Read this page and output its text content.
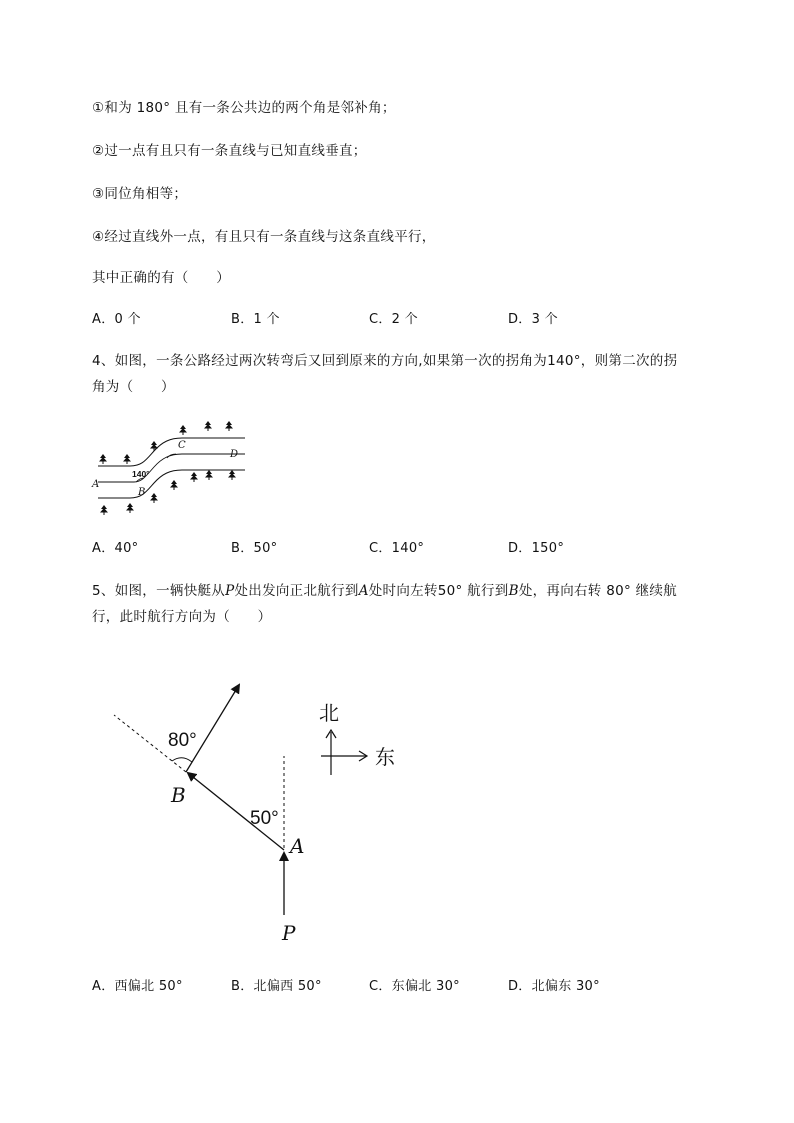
①和为 180° 且有一条公共边的两个角是邻补角；
②过一点有且只有一条直线与已知直线垂直；
③同位角相等；
④经过直线外一点，有且只有一条直线与这条直线平行，
其中正确的有（　　）
A．0 个	B．1 个	C．2 个	D．3 个
4、如图，一条公路经过两次转弯后又回到原来的方向,如果第一次的拐角为140°，则第二次的拐
角为（　　）
A
B
C
D
140°
A．40°	B．50°	C．140°	D．150°
5、如图，一辆快艇从P处出发向正北航行到A处时向左转50° 航行到B处，再向右转 80° 继续航
行，此时航行方向为（　　）
80°
50°
B
A
P
北
东
A．西偏北 50°	B．北偏西 50°	C．东偏北 30°	D．北偏东 30°
